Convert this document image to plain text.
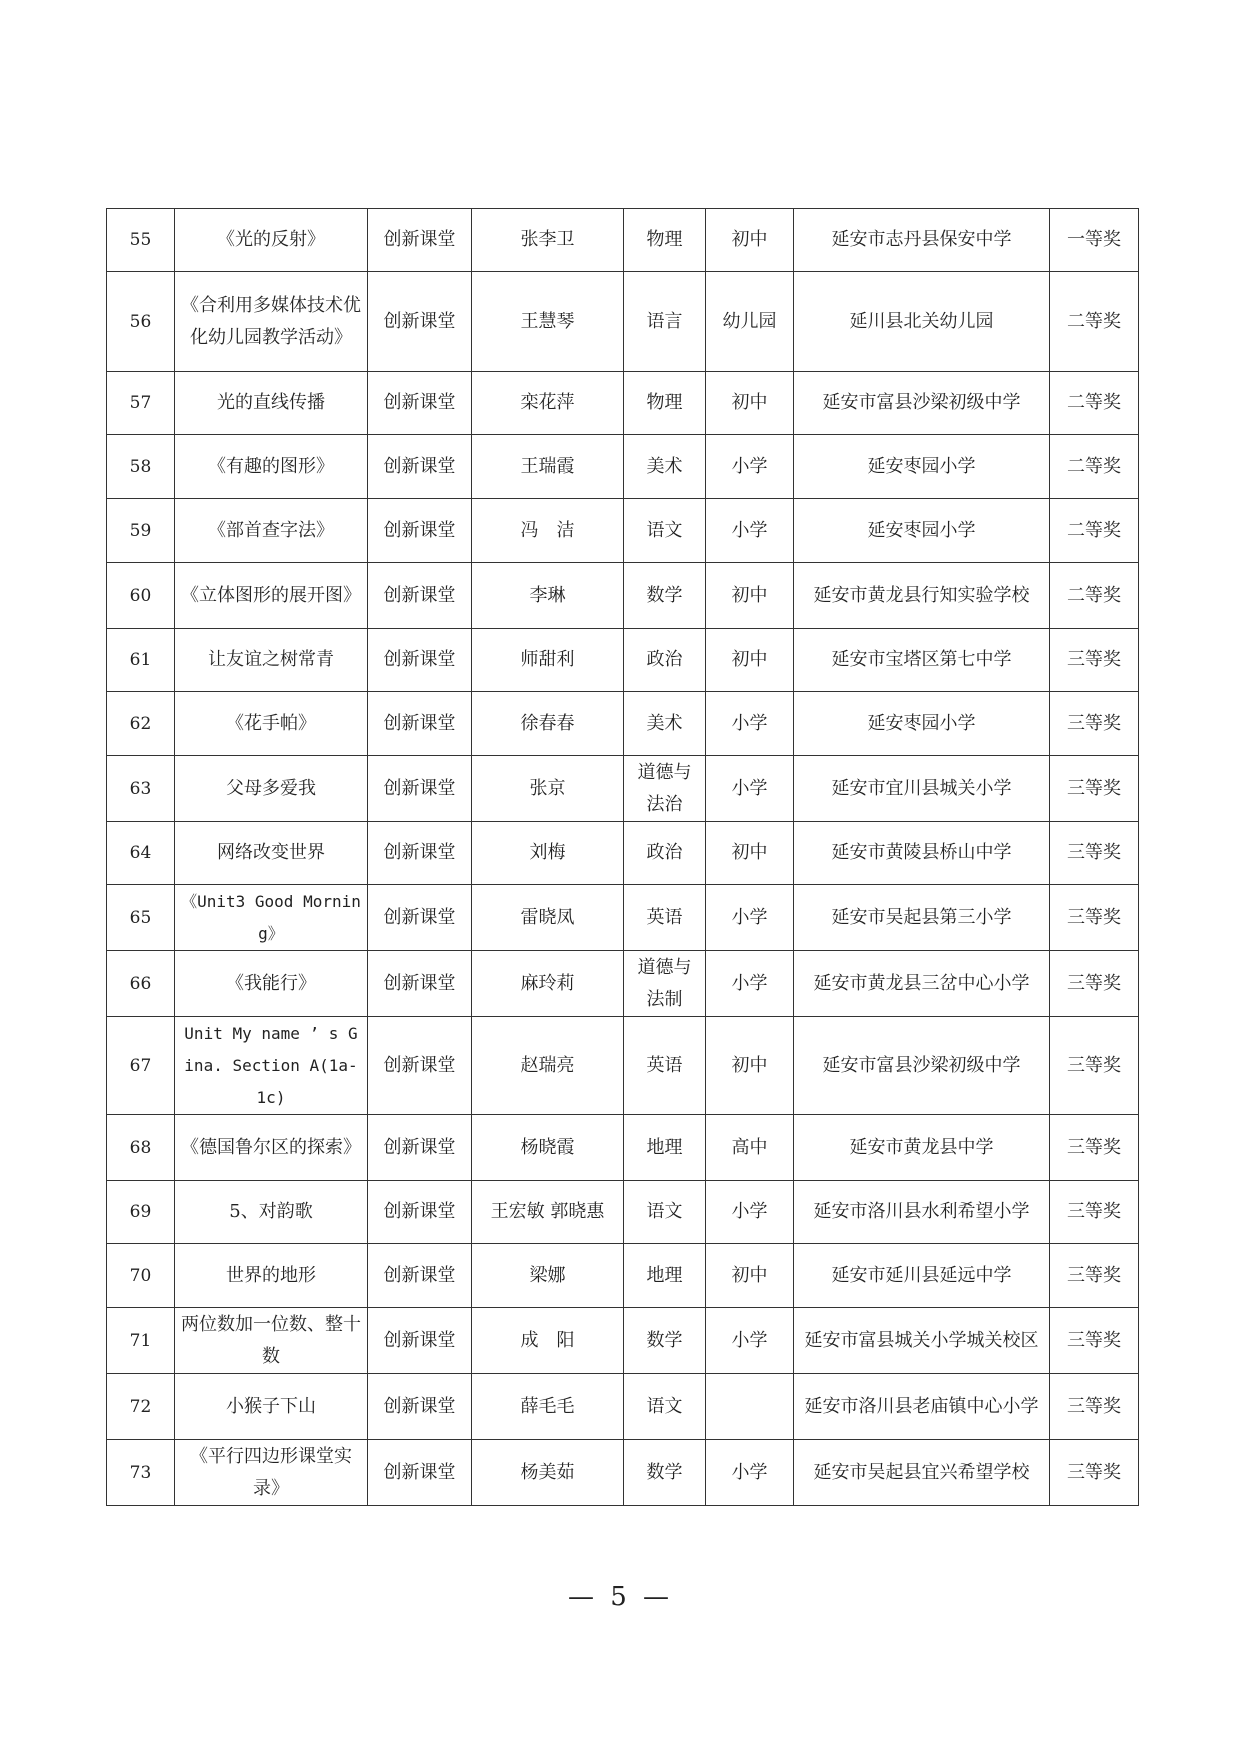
55	《光的反射》	创新课堂	张李卫	物理	初中	延安市志丹县保安中学	一等奖
56	《合利用多媒体技术优化幼儿园教学活动》	创新课堂	王慧琴	语言	幼儿园	延川县北关幼儿园	二等奖
57	光的直线传播	创新课堂	栾花萍	物理	初中	延安市富县沙梁初级中学	二等奖
58	《有趣的图形》	创新课堂	王瑞霞	美术	小学	延安枣园小学	二等奖
59	《部首查字法》	创新课堂	冯　洁	语文	小学	延安枣园小学	二等奖
60	《立体图形的展开图》	创新课堂	李琳	数学	初中	延安市黄龙县行知实验学校	二等奖
61	让友谊之树常青	创新课堂	师甜利	政治	初中	延安市宝塔区第七中学	三等奖
62	《花手帕》	创新课堂	徐春春	美术	小学	延安枣园小学	三等奖
63	父母多爱我	创新课堂	张京	道德与法治	小学	延安市宜川县城关小学	三等奖
64	网络改变世界	创新课堂	刘梅	政治	初中	延安市黄陵县桥山中学	三等奖
65	《Unit3 Good Morning》	创新课堂	雷晓凤	英语	小学	延安市吴起县第三小学	三等奖
66	《我能行》	创新课堂	麻玲莉	道德与法制	小学	延安市黄龙县三岔中心小学	三等奖
67	Unit My name ’ s Gina. Section A(1a-1c)	创新课堂	赵瑞亮	英语	初中	延安市富县沙梁初级中学	三等奖
68	《德国鲁尔区的探索》	创新课堂	杨晓霞	地理	高中	延安市黄龙县中学	三等奖
69	5、对韵歌	创新课堂	王宏敏 郭晓惠	语文	小学	延安市洛川县水利希望小学	三等奖
70	世界的地形	创新课堂	梁娜	地理	初中	延安市延川县延远中学	三等奖
71	两位数加一位数、整十数	创新课堂	成　阳	数学	小学	延安市富县城关小学城关校区	三等奖
72	小猴子下山	创新课堂	薛毛毛	语文		延安市洛川县老庙镇中心小学	三等奖
73	《平行四边形课堂实录》	创新课堂	杨美茹	数学	小学	延安市吴起县宜兴希望学校	三等奖
— 5 —
